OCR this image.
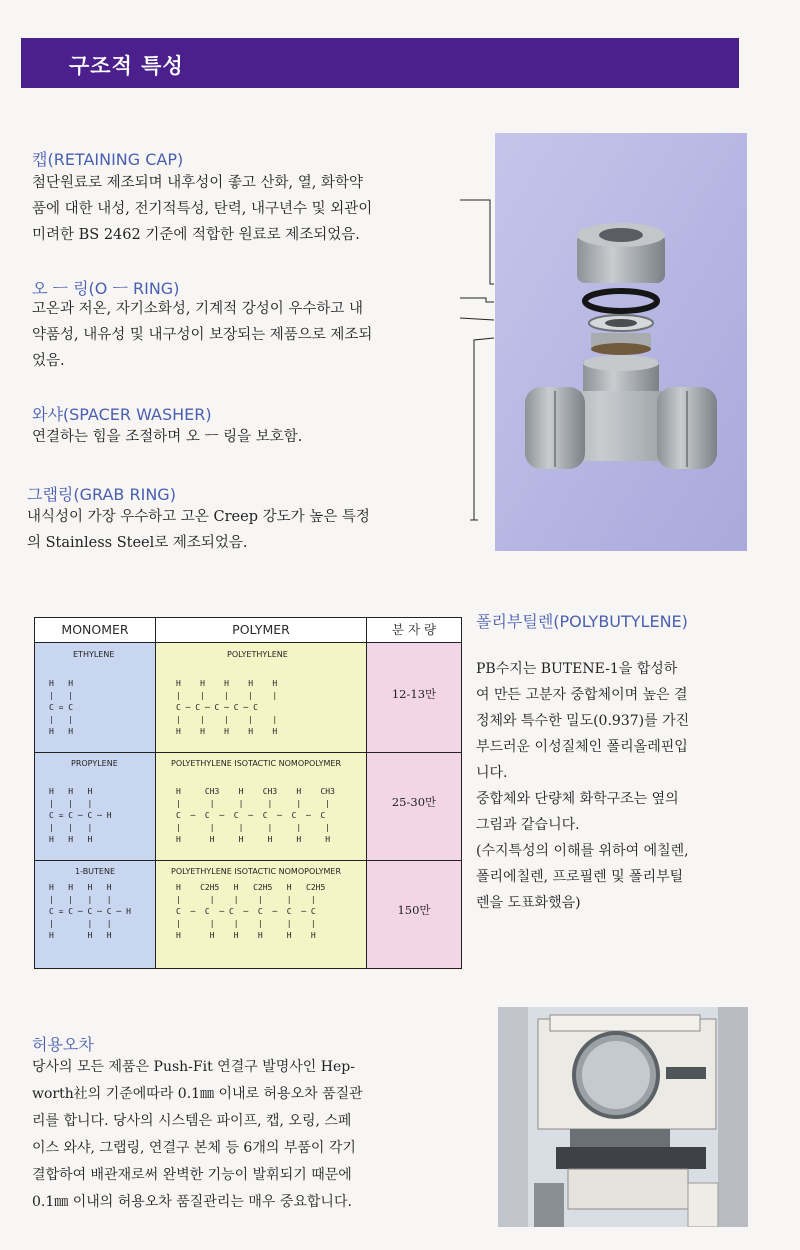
구조적 특성
캡(RETAINING CAP)

첨단원료로 제조되며 내후성이 좋고 산화, 열, 화학약

품에 대한 내성, 전기적특성, 탄력, 내구년수 및 외관이

미려한 BS 2462 기준에 적합한 원료로 제조되었음.

오 ㅡ 링(O ㅡ RING)

고온과 저온, 자기소화성, 기계적 강성이 우수하고 내

약품성, 내유성 및 내구성이 보장되는 제품으로 제조되

었음.

와샤(SPACER WASHER)

연결하는 힘을 조절하며 오 ㅡ 링을 보호함.

그랩링(GRAB RING)

내식성이 가장 우수하고 고온 Creep 강도가 높은 특정

의 Stainless Steel로 제조되었음.

MONOMER	POLYMER	분 자 량
ETHYLENE
H   H
|   |
C = C
|   |
H   H
POLYETHYLENE
H    H    H    H    H
|    |    |    |    |
C ─ C ─ C ─ C ─ C
|    |    |    |    |
H    H    H    H    H
12-13만
PROPYLENE
H   H   H
|   |   |
C = C ─ C ─ H
|   |   |
H   H   H
POLYETHYLENE ISOTACTIC NOMOPOLYMER
H     CH3    H    CH3    H    CH3
|      |     |     |     |     |
C  ─  C  ─  C  ─  C  ─  C  ─  C
|      |     |     |     |     |
H      H     H     H     H     H
25-30만
1-BUTENE
H   H   H   H
|   |   |   |
C = C ─ C ─ C ─ H
|       |   |
H       H   H
POLYETHYLENE ISOTACTIC NOMOPOLYMER
H    C2H5   H   C2H5   H   C2H5
|      |    |    |     |    |
C  ─  C  ─ C  ─  C  ─  C  ─ C
|      |    |    |     |    |
H      H    H    H     H    H
150만
폴리부틸렌(POLYBUTYLENE)

PB수지는 BUTENE-1을 합성하

여 만든 고분자 중합체이며 높은 결

정체와 특수한 밀도(0.937)를 가진

부드러운 이성질체인 폴리올레핀입

니다.

중합체와 단량체 화학구조는 옆의

그림과 같습니다.

(수지특성의 이해를 위하여 에칠렌,

폴리에칠렌, 프로필렌 및 폴리부틸

렌을 도표화했음)

허용오차

당사의 모든 제품은 Push-Fit 연결구 발명사인 Hep-

worth社의 기준에따라 0.1㎜ 이내로 허용오차 품질관

리를 합니다. 당사의 시스템은 파이프, 캡, 오링, 스페

이스 와샤, 그랩링, 연결구 본체 등 6개의 부품이 각기

결합하여 배관재로써 완벽한 기능이 발휘되기 때문에

0.1㎜ 이내의 허용오차 품질관리는 매우 중요합니다.
